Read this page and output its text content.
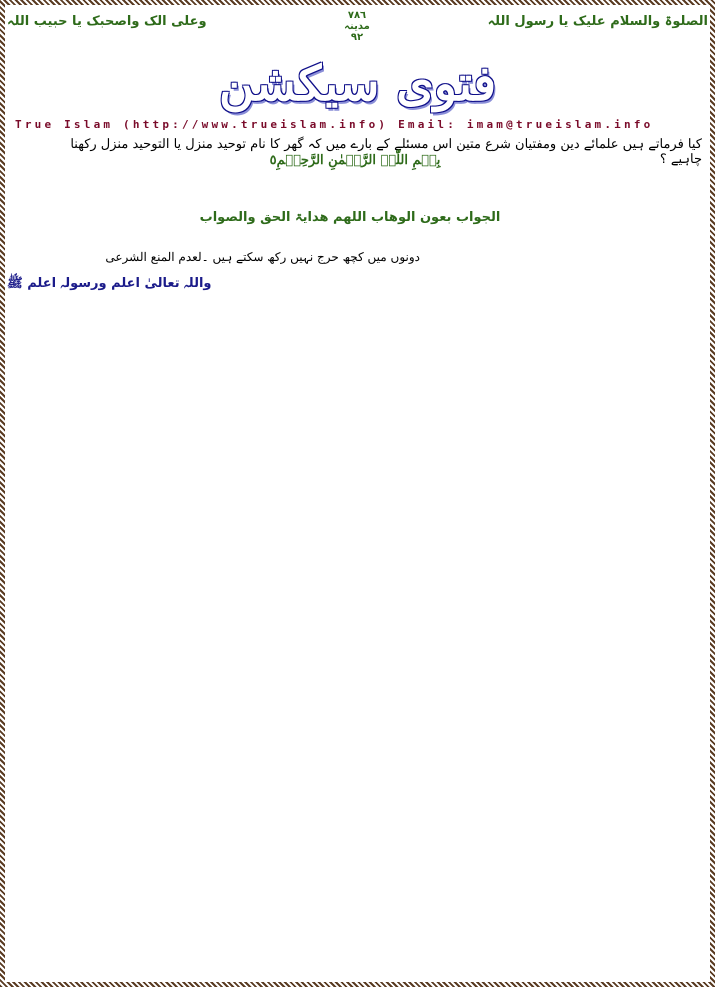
الصلوۃ والسلام علیک یا رسول اللہ
٧٨٦
مدینہ
٩٢
وعلی الک واصحبک یا حبیب اللہ
فتوی سیکشن
True Islam (http://www.trueislam.info) Email: imam@trueislam.info
کیا فرماتے ہیں علمائے دین ومفتیان شرع متین اس مسئلے کے بارے میں کہ گھر کا نام توحید منزل یا التوحید منزل رکھنا چاہیے ؟
بِسۡمِ اللّٰہِ الرَّحۡمٰنِ الرَّحِیۡمِ٥
الجواب بعون الوھاب اللھم ھدایۃ الحق والصواب
دونوں میں کچھ حرج نہیں رکھ سکتے ہیں ۔لعدم المنع الشرعی
واللہ تعالیٰ اعلم ورسولہ اعلم ﷺ
